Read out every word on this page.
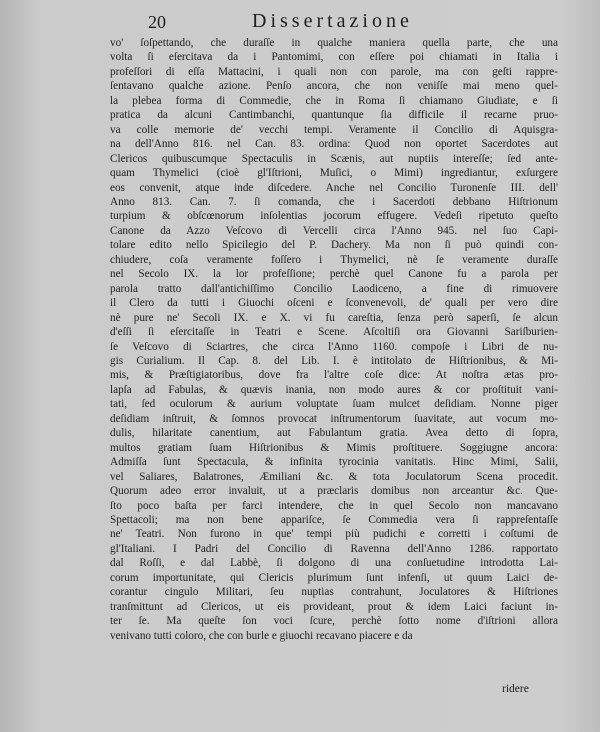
20	Dissertazione
vo' ſoſpettando, che duraſſe in qualche maniera quella parte, che una
volta ſi eſercitava da i Pantomimi, con eſſere poi chiamati in Italia i
profeſſori di eſſa Mattacini, i quali non con parole, ma con geſti rappre-
ſentavano qualche azione. Penſo ancora, che non veniſſe mai meno quel-
la plebea forma di Commedie, che in Roma ſi chiamano Giudiate, e ſi
pratica da alcuni Cantimbanchi, quantunque ſia difficile il recarne pruo-
va colle memorie de' vecchi tempi. Veramente il Concilio di Aquisgra-
na dell'Anno 816. nel Can. 83. ordina: Quod non oportet Sacerdotes aut
Clericos quibuscumque Spectaculis in Scænis, aut nuptiis intereſſe; ſed ante-
quam Thymelici (cioè gl'Iſtrioni, Muſici, o Mimi) ingrediantur, exſurgere
eos convenit, atque inde diſcedere. Anche nel Concilio Turonenſe III. dell'
Anno 813. Can. 7. ſi comanda, che i Sacerdoti debbano Hiſtrionum
turpium & obſcœnorum inſolentias jocorum effugere. Vedeſi ripetuto queſto
Canone da Azzo Veſcovo di Vercelli circa l'Anno 945. nel ſuo Capi-
tolare edito nello Spicilegio del P. Dachery. Ma non ſi può quindi con-
chiudere, coſa veramente foſſero i Thymelici, nè ſe veramente duraſſe
nel Secolo IX. la lor profeſſione; perchè quel Canone fu a parola per
parola tratto dall'antichiſſimo Concilio Laodiceno, a fine di rimuovere
il Clero da tutti i Giuochi oſceni e ſconvenevoli, de' quali per vero dire
nè pure ne' Secoli IX. e X. vi fu careſtia, ſenza però saperſi, ſe alcun
d'eſſi ſi eſercitaſſe in Teatri e Scene. Aſcoltiſi ora Giovanni Sariſburien-
ſe Veſcovo di Sciartres, che circa l'Anno 1160. compoſe i Libri de nu-
gis Curialium. Il Cap. 8. del Lib. I. è intitolato de Hiſtrionibus, & Mi-
mis, & Præſtigiatoribus, dove fra l'altre coſe dice: At noſtra ætas pro-
lapſa ad Fabulas, & quævis inania, non modo aures & cor proſtituit vani-
tati, ſed oculorum & aurium voluptate ſuam mulcet deſidiam. Nonne piger
deſidiam inſtruit, & ſomnos provocat inſtrumentorum ſuavitate, aut vocum mo-
dulis, hilaritate canentium, aut Fabulantum gratia. Avea detto di ſopra,
multos gratiam ſuam Hiſtrionibus & Mimis proſtituere. Soggiugne ancora:
Admiſſa ſunt Spectacula, & infinita tyrocinia vanitatis. Hinc Mimi, Salii,
vel Saliares, Balatrones, Æmiliani &c. & tota Joculatorum Scena procedit.
Quorum adeo error invaluit, ut a præclaris domibus non arceantur &c. Que-
ſto poco baſta per farci intendere, che in quel Secolo non mancavano
Spettacoli; ma non bene appariſce, ſe Commedia vera ſi rappreſentaſſe
ne' Teatri. Non furono in que' tempi più pudichi e corretti i coſtumi de
gl'Italiani. I Padri del Concilio di Ravenna dell'Anno 1286. rapportato
dal Roſſi, e dal Labbè, ſi dolgono di una conſuetudine introdotta Lai-
corum importunitate, qui Clericis plurimum ſunt infenſi, ut quum Laici de-
corantur cingulo Militari, ſeu nuptias contrahunt, Joculatores & Hiſtriones
tranſmittunt ad Clericos, ut eis provideant, prout & idem Laici faciunt in-
ter ſe. Ma queſte ſon voci ſcure, perchè ſotto nome d'iſtrioni allora
venivano tutti coloro, che con burle e giuochi recavano piacere e da
ridere
